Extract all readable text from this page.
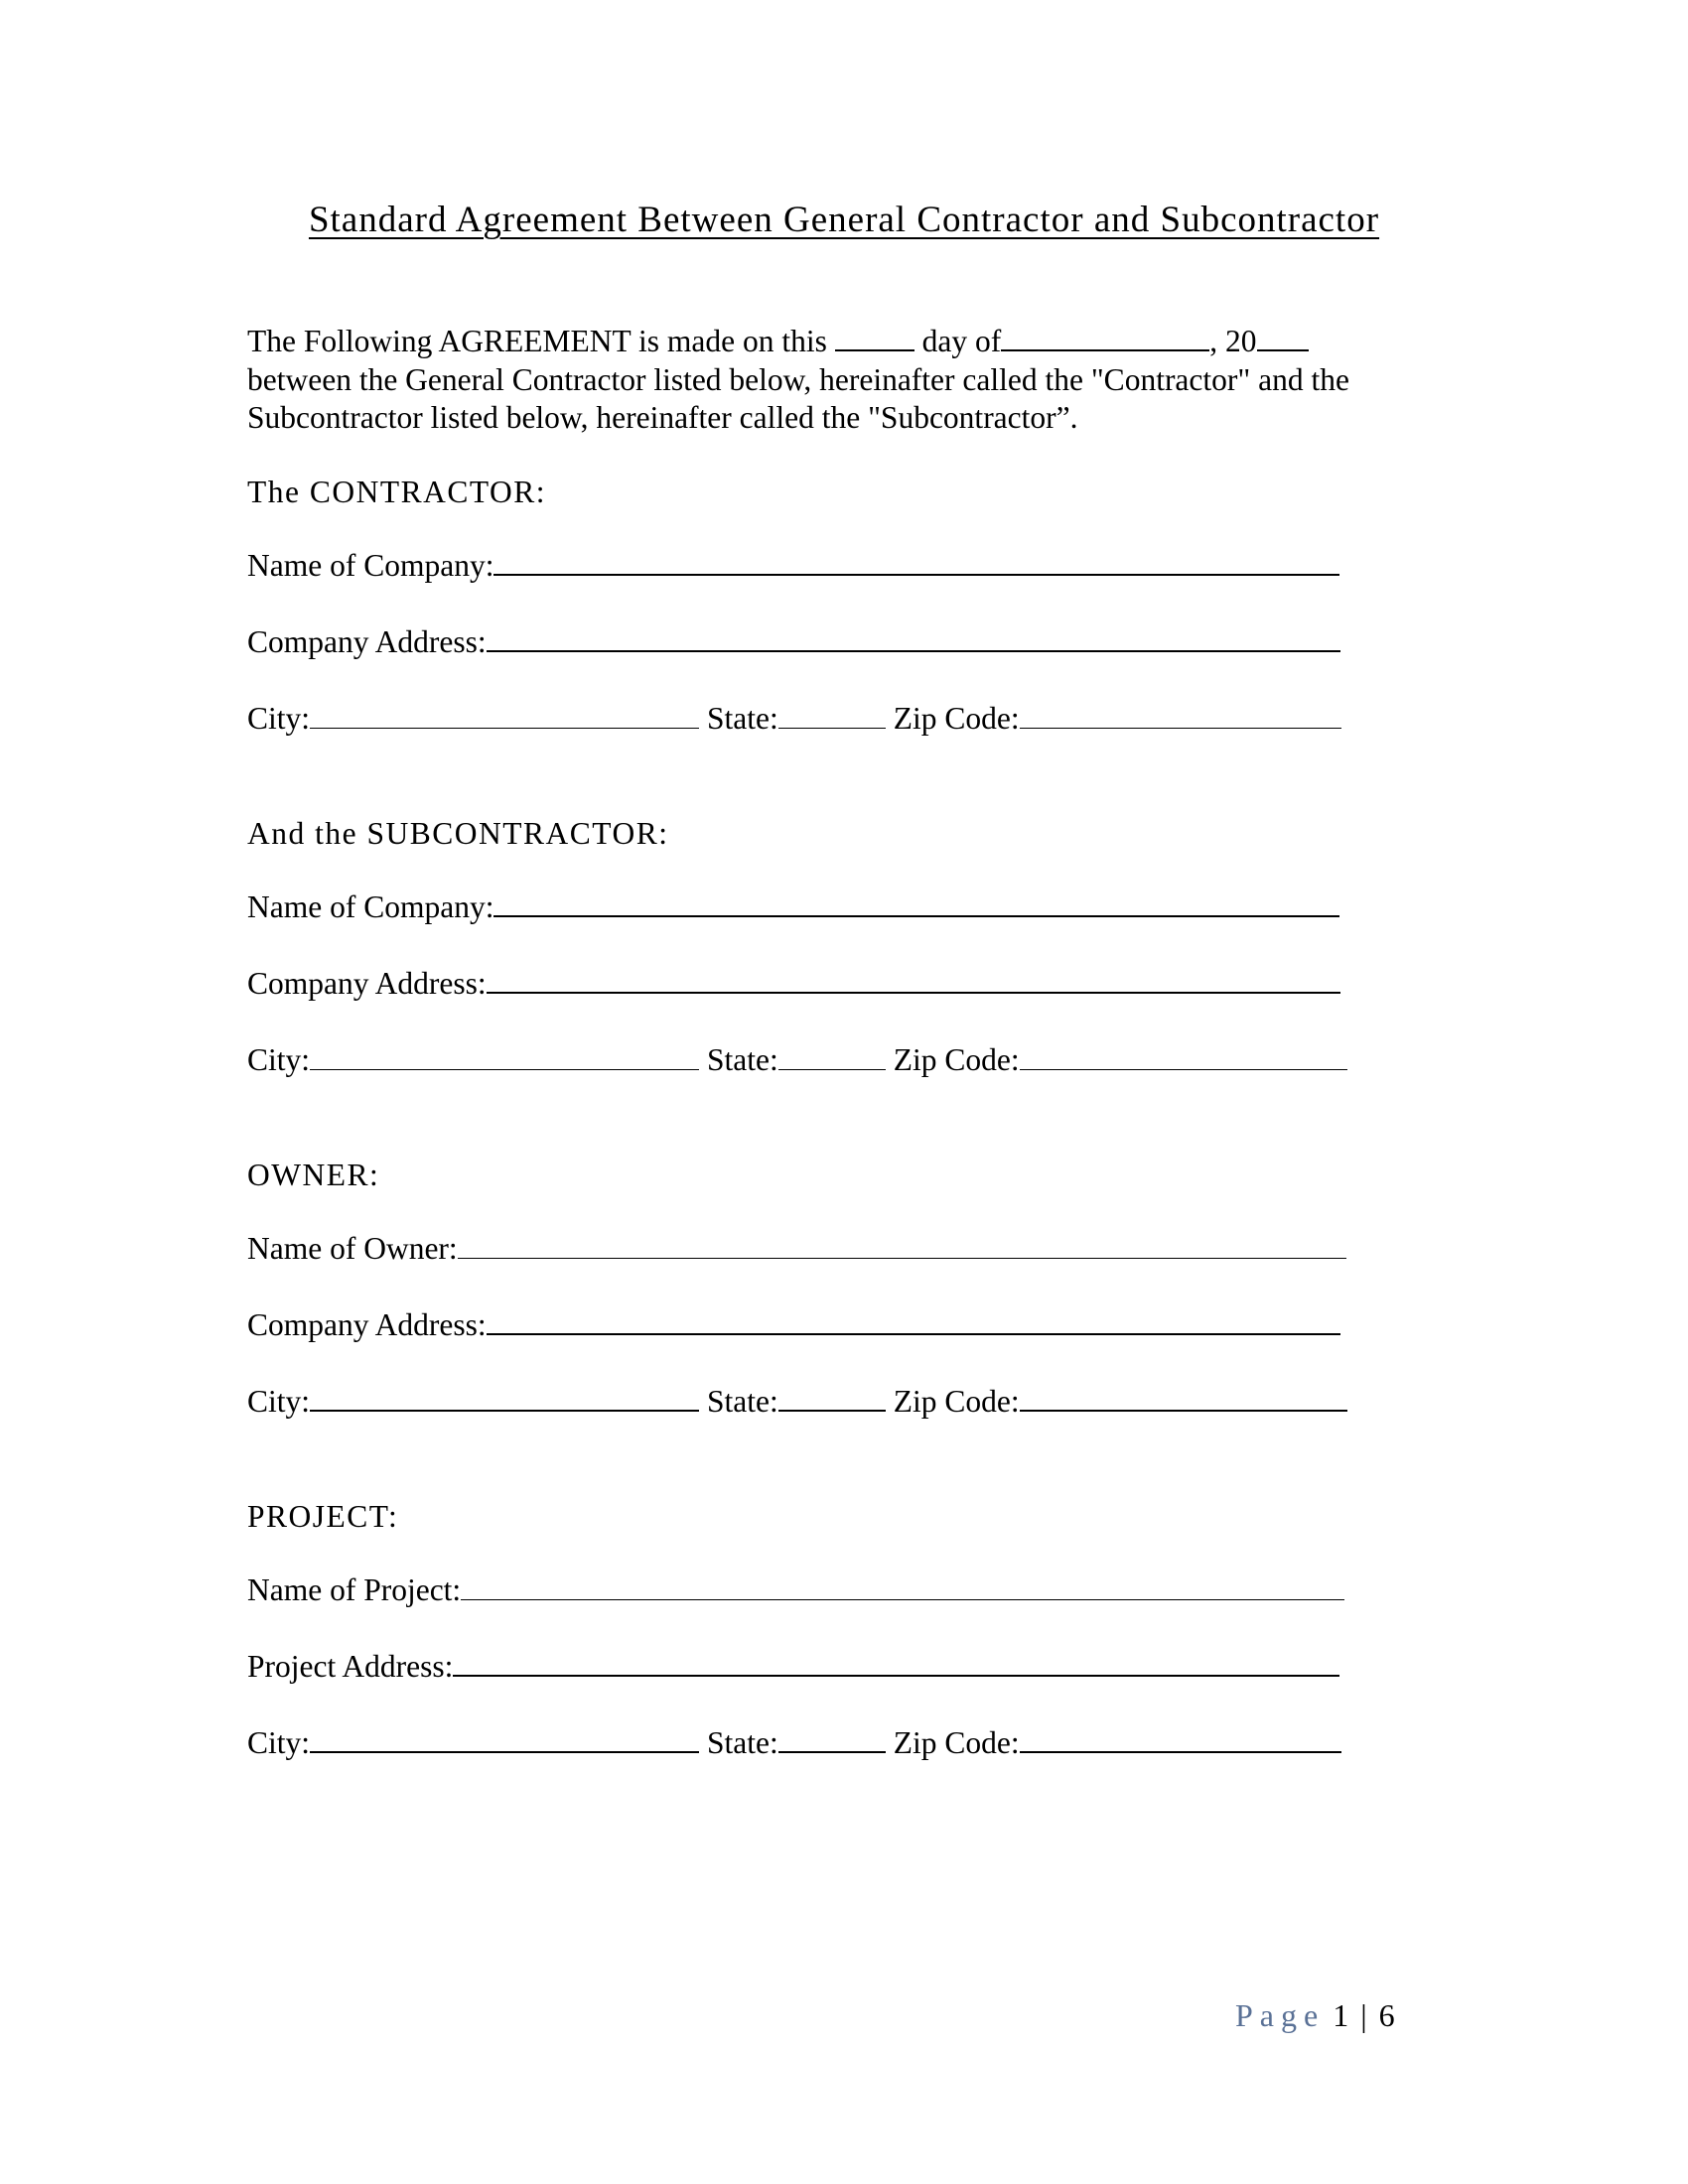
Standard Agreement Between General Contractor and Subcontractor
The Following AGREEMENT is made on this	day of	, 20
between the General Contractor listed below, hereinafter called the "Contractor" and the
Subcontractor listed below, hereinafter called the "Subcontractor”.
The CONTRACTOR:
Name of Company:
Company Address:
City:	State:	Zip Code:
And the SUBCONTRACTOR:
Name of Company:
Company Address:
City:	State:	Zip Code:
OWNER:
Name of Owner:
Company Address:
City:	State:	Zip Code:
PROJECT:
Name of Project:
Project Address:
City:	State:	Zip Code:
Page 1 | 6
